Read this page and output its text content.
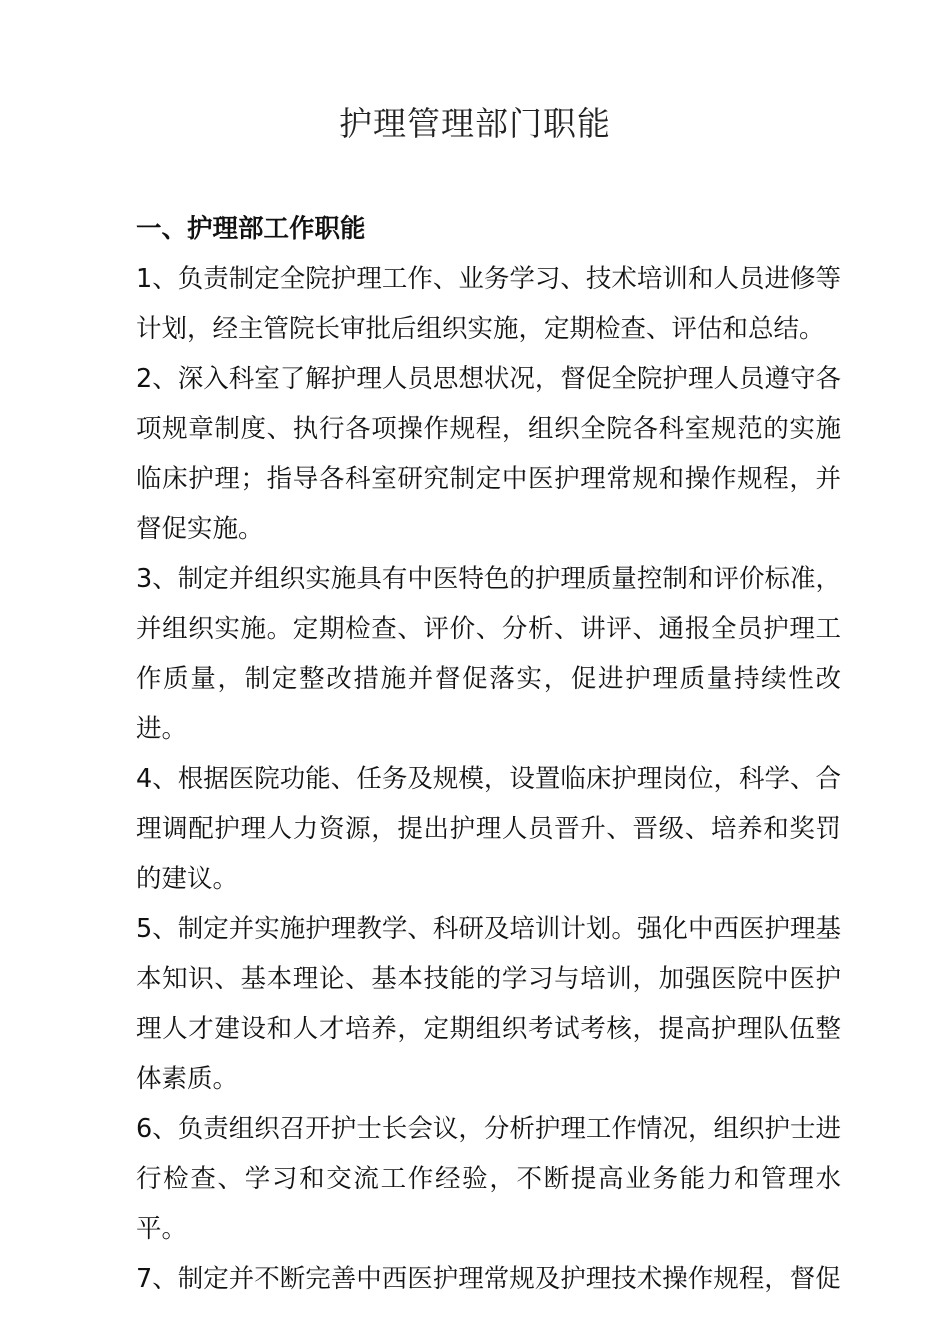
护理管理部门职能

一、护理部工作职能

1、负责制定全院护理工作、业务学习、技术培训和人员进修等计划，经主管院长审批后组织实施，定期检查、评估和总结。

2、深入科室了解护理人员思想状况，督促全院护理人员遵守各项规章制度、执行各项操作规程，组织全院各科室规范的实施临床护理；指导各科室研究制定中医护理常规和操作规程，并督促实施。

3、制定并组织实施具有中医特色的护理质量控制和评价标准，并组织实施。定期检查、评价、分析、讲评、通报全员护理工作质量，制定整改措施并督促落实，促进护理质量持续性改进。

4、根据医院功能、任务及规模，设置临床护理岗位，科学、合理调配护理人力资源，提出护理人员晋升、晋级、培养和奖罚的建议。

5、制定并实施护理教学、科研及培训计划。强化中西医护理基本知识、基本理论、基本技能的学习与培训，加强医院中医护理人才建设和人才培养，定期组织考试考核，提高护理队伍整体素质。

6、负责组织召开护士长会议，分析护理工作情况，组织护士进行检查、学习和交流工作经验，不断提高业务能力和管理水平。

7、制定并不断完善中西医护理常规及护理技术操作规程，督促
